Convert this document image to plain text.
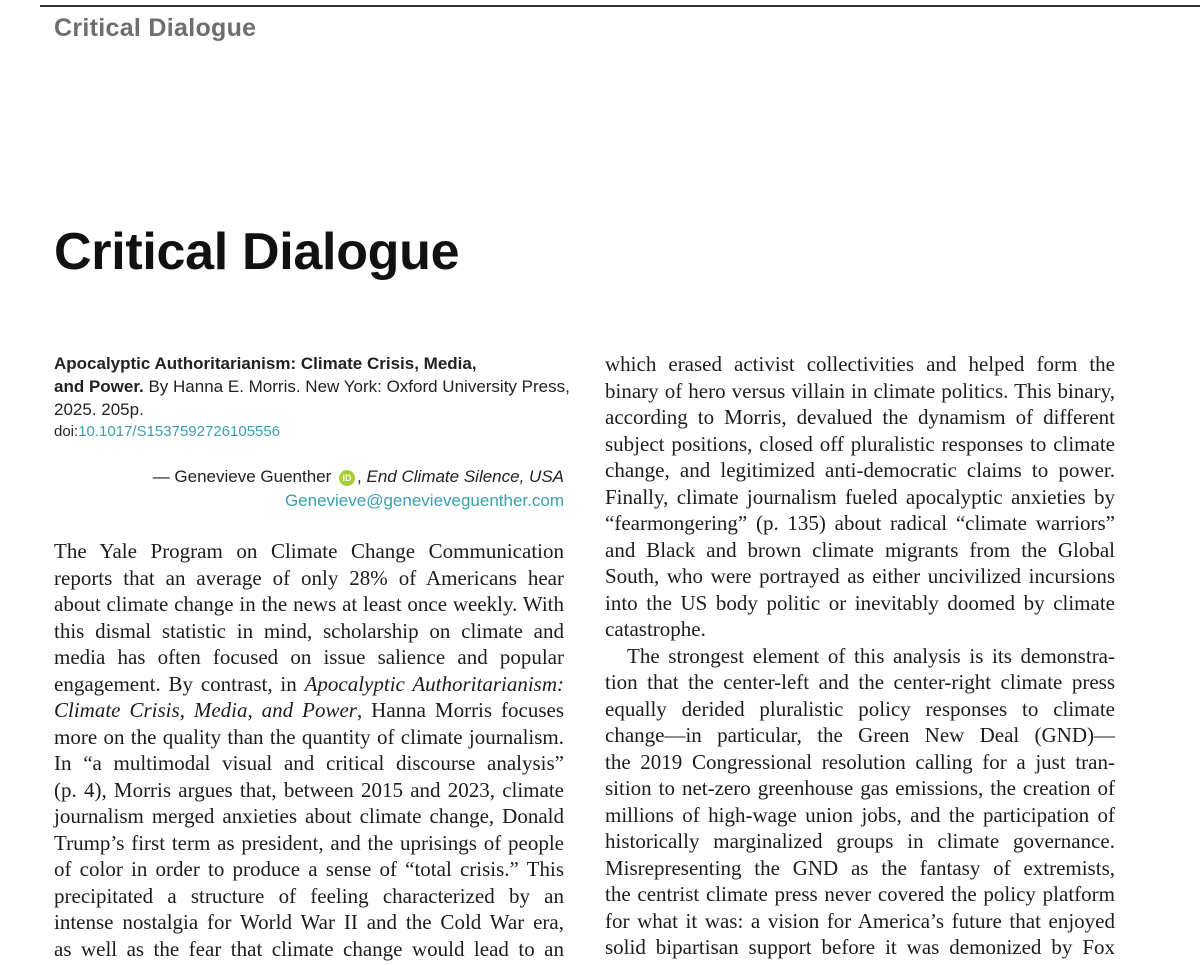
Critical Dialogue
Critical Dialogue
Apocalyptic Authoritarianism: Climate Crisis, Media,
and Power. By Hanna E. Morris. New York: Oxford University Press,
2025. 205p.
doi:10.1017/S1537592726105556
— Genevieve Guenther iD , End Climate Silence, USA
Genevieve@genevieveguenther.com
The Yale Program on Climate Change Communication
reports that an average of only 28% of Americans hear
about climate change in the news at least once weekly. With
this dismal statistic in mind, scholarship on climate and
media has often focused on issue salience and popular
engagement. By contrast, in Apocalyptic Authoritarianism:
Climate Crisis, Media, and Power, Hanna Morris focuses
more on the quality than the quantity of climate journalism.
In “a multimodal visual and critical discourse analysis”
(p. 4), Morris argues that, between 2015 and 2023, climate
journalism merged anxieties about climate change, Donald
Trump’s first term as president, and the uprisings of people
of color in order to produce a sense of “total crisis.” This
precipitated a structure of feeling characterized by an
intense nostalgia for World War II and the Cold War era,
as well as the fear that climate change would lead to an
which erased activist collectivities and helped form the
binary of hero versus villain in climate politics. This binary,
according to Morris, devalued the dynamism of different
subject positions, closed off pluralistic responses to climate
change, and legitimized anti-democratic claims to power.
Finally, climate journalism fueled apocalyptic anxieties by
“fearmongering” (p. 135) about radical “climate warriors”
and Black and brown climate migrants from the Global
South, who were portrayed as either uncivilized incursions
into the US body politic or inevitably doomed by climate
catastrophe.
The strongest element of this analysis is its demonstra-
tion that the center-left and the center-right climate press
equally derided pluralistic policy responses to climate
change—in particular, the Green New Deal (GND)—
the 2019 Congressional resolution calling for a just tran-
sition to net-zero greenhouse gas emissions, the creation of
millions of high-wage union jobs, and the participation of
historically marginalized groups in climate governance.
Misrepresenting the GND as the fantasy of extremists,
the centrist climate press never covered the policy platform
for what it was: a vision for America’s future that enjoyed
solid bipartisan support before it was demonized by Fox
